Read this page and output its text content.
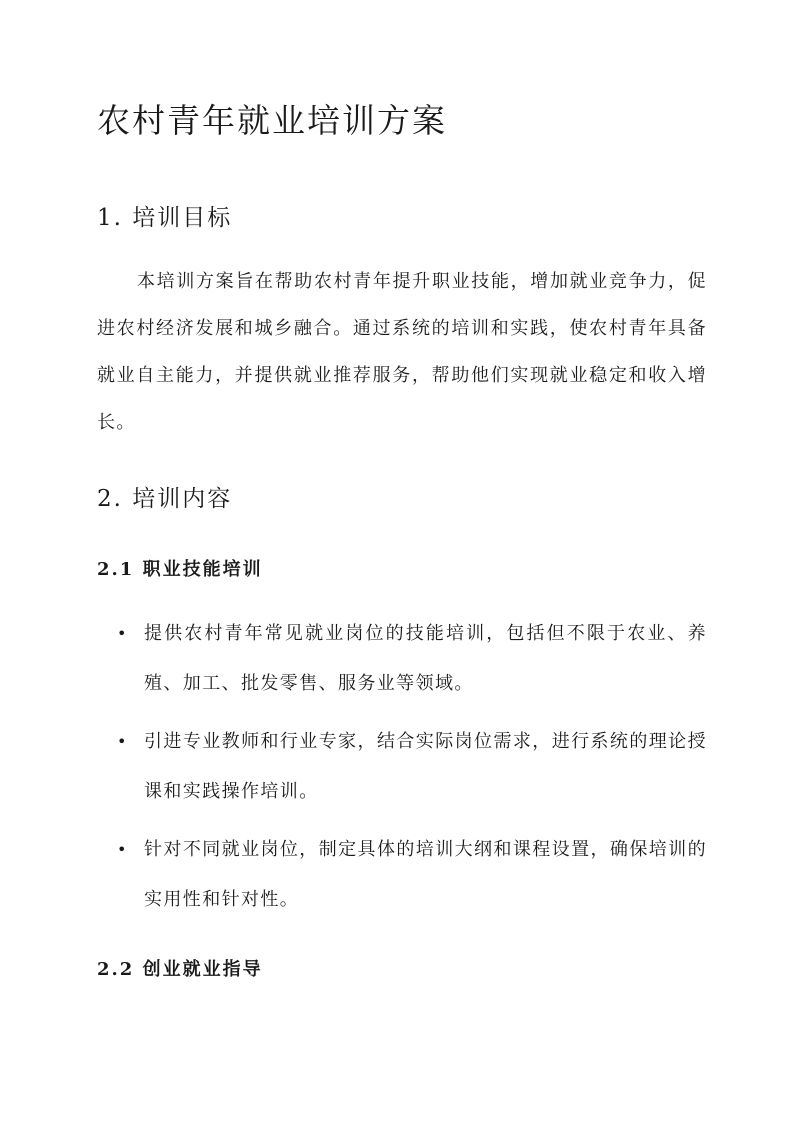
农村青年就业培训方案
1. 培训目标

本培训方案旨在帮助农村青年提升职业技能，增加就业竞争力，促进农村经济发展和城乡融合。通过系统的培训和实践，使农村青年具备就业自主能力，并提供就业推荐服务，帮助他们实现就业稳定和收入增长。

2. 培训内容
2.1 职业技能培训
• 提供农村青年常见就业岗位的技能培训，包括但不限于农业、养殖、加工、批发零售、服务业等领域。
• 引进专业教师和行业专家，结合实际岗位需求，进行系统的理论授课和实践操作培训。
• 针对不同就业岗位，制定具体的培训大纲和课程设置，确保培训的实用性和针对性。
2.2 创业就业指导
